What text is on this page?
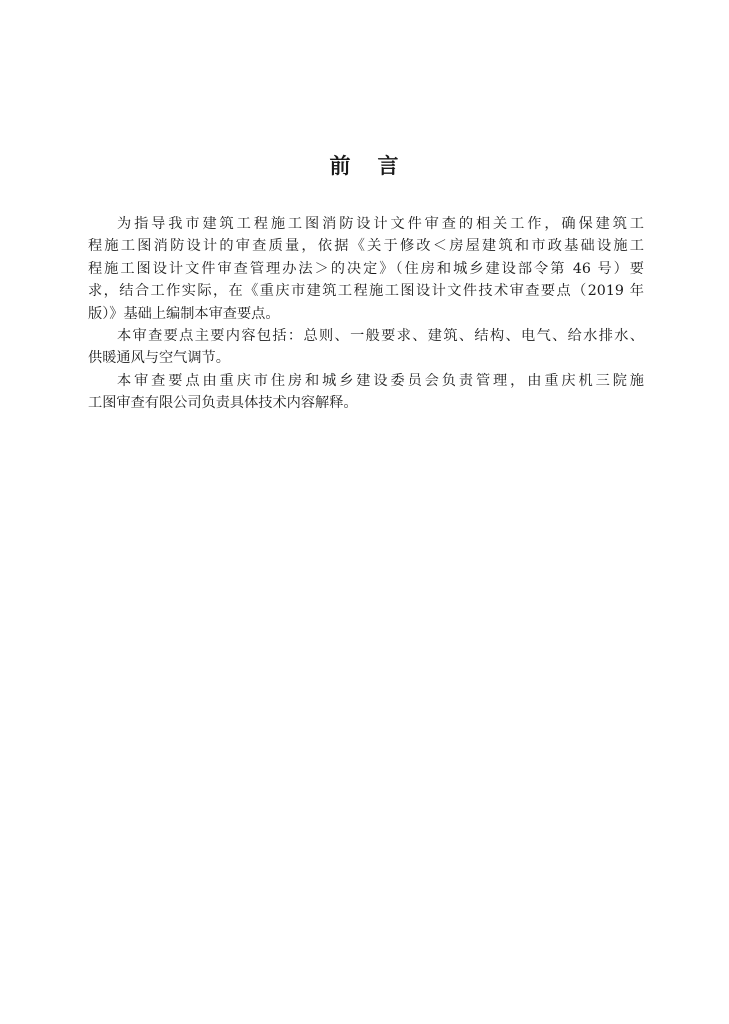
前 言
为指导我市建筑工程施工图消防设计文件审查的相关工作，确保建筑工
程施工图消防设计的审查质量，依据《关于修改＜房屋建筑和市政基础设施工
程施工图设计文件审查管理办法＞的决定》（住房和城乡建设部令第 46 号）要
求，结合工作实际，在《重庆市建筑工程施工图设计文件技术审查要点（2019 年
版）》基础上编制本审查要点。
本审查要点主要内容包括：总则、一般要求、建筑、结构、电气、给水排水、
供暖通风与空气调节。
本审查要点由重庆市住房和城乡建设委员会负责管理，由重庆机三院施
工图审查有限公司负责具体技术内容解释。
